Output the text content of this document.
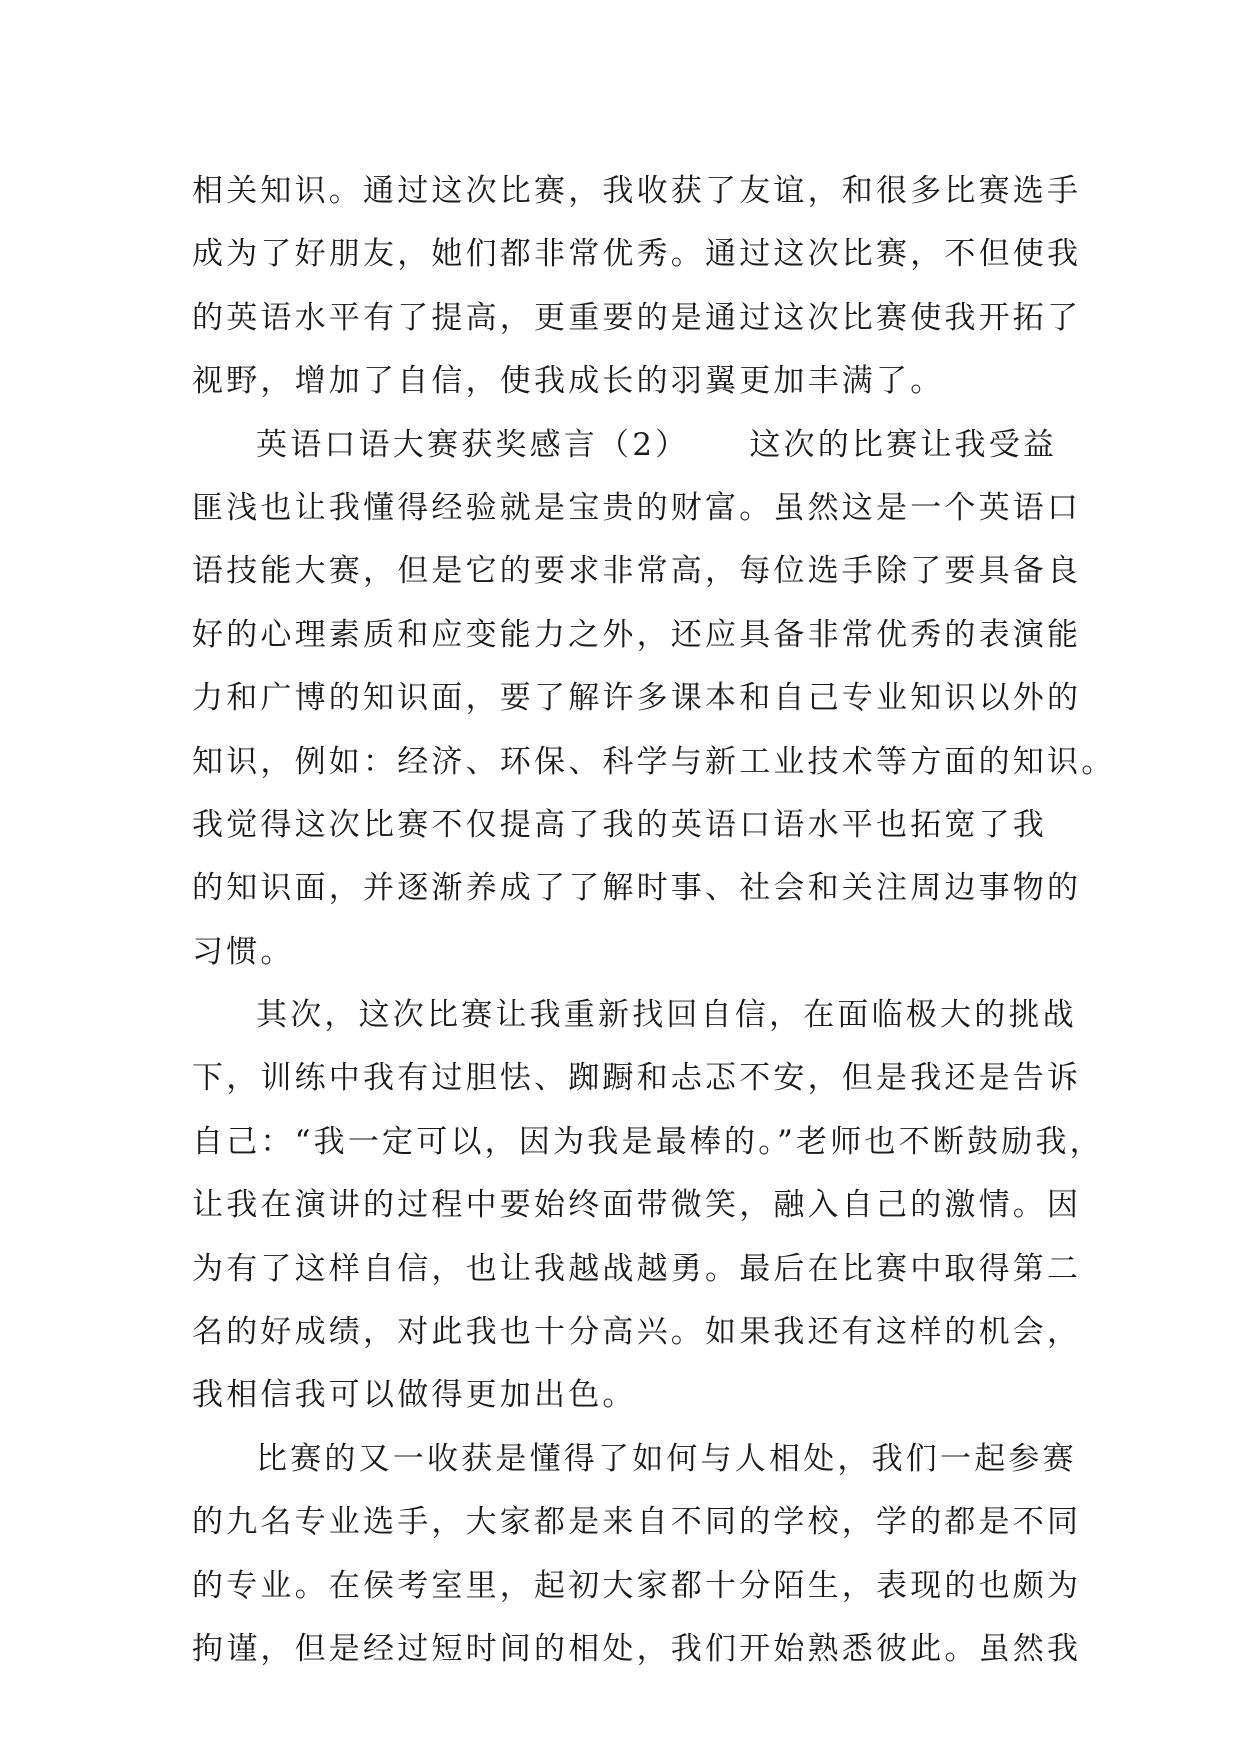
相关知识。通过这次比赛，我收获了友谊，和很多比赛选手
成为了好朋友，她们都非常优秀。通过这次比赛，不但使我
的英语水平有了提高，更重要的是通过这次比赛使我开拓了
视野，增加了自信，使我成长的羽翼更加丰满了。
英语口语大赛获奖感言（2） 这次的比赛让我受益
匪浅也让我懂得经验就是宝贵的财富。虽然这是一个英语口
语技能大赛，但是它的要求非常高，每位选手除了要具备良
好的心理素质和应变能力之外，还应具备非常优秀的表演能
力和广博的知识面，要了解许多课本和自己专业知识以外的
知识，例如：经济、环保、科学与新工业技术等方面的知识。
我觉得这次比赛不仅提高了我的英语口语水平也拓宽了我
的知识面，并逐渐养成了了解时事、社会和关注周边事物的
习惯。
其次，这次比赛让我重新找回自信，在面临极大的挑战
下，训练中我有过胆怯、踟蹰和忐忑不安，但是我还是告诉
自己：“我一定可以，因为我是最棒的。”老师也不断鼓励我，
让我在演讲的过程中要始终面带微笑，融入自己的激情。因
为有了这样自信，也让我越战越勇。最后在比赛中取得第二
名的好成绩，对此我也十分高兴。如果我还有这样的机会，
我相信我可以做得更加出色。
比赛的又一收获是懂得了如何与人相处，我们一起参赛
的九名专业选手，大家都是来自不同的学校，学的都是不同
的专业。在侯考室里，起初大家都十分陌生，表现的也颇为
拘谨，但是经过短时间的相处，我们开始熟悉彼此。虽然我
